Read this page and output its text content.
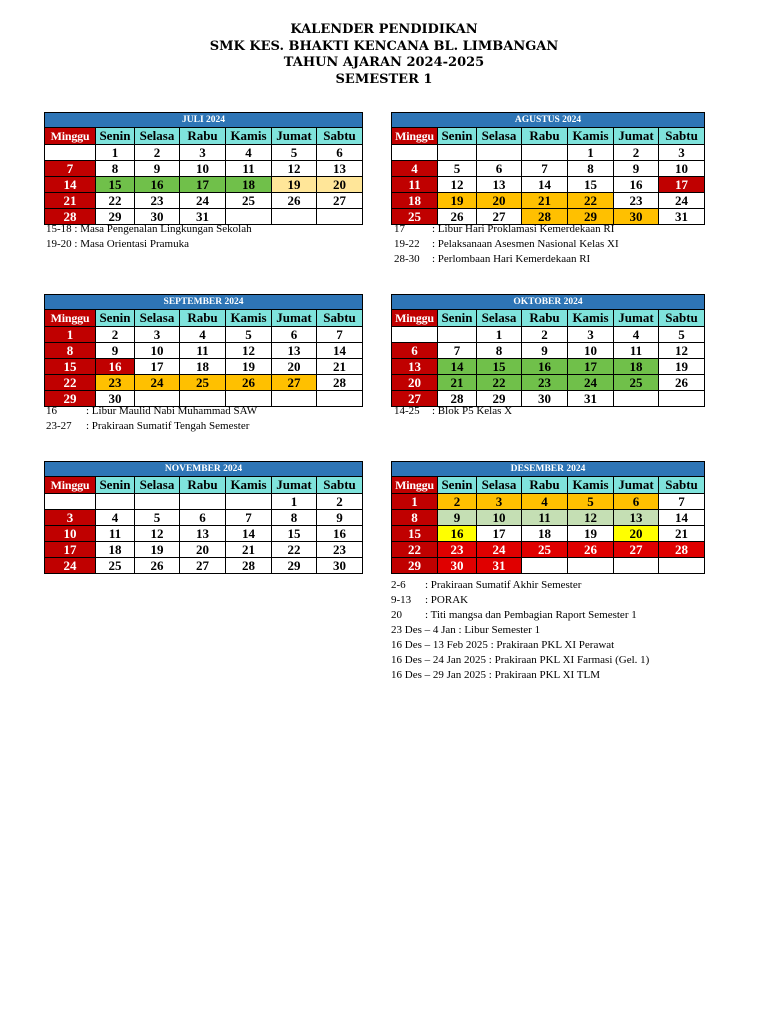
KALENDER PENDIDIKAN
SMK KES. BHAKTI KENCANA BL. LIMBANGAN
TAHUN AJARAN 2024-2025
SEMESTER 1
JULI 2024						
Minggu	Senin	Selasa	Rabu	Kamis	Jumat	Sabtu
	1	2	3	4	5	6
7	8	9	10	11	12	13
14	15	16	17	18	19	20
21	22	23	24	25	26	27
28	29	30	31			
15-18 : Masa Pengenalan Lingkungan Sekolah
19-20 : Masa Orientasi Pramuka
AGUSTUS 2024						
Minggu	Senin	Selasa	Rabu	Kamis	Jumat	Sabtu
				1	2	3
4	5	6	7	8	9	10
11	12	13	14	15	16	17
18	19	20	21	22	23	24
25	26	27	28	29	30	31
17 : Libur Hari Proklamasi Kemerdekaan RI
19-22 : Pelaksanaan Asesmen Nasional Kelas XI
28-30 : Perlombaan Hari Kemerdekaan RI
SEPTEMBER 2024						
Minggu	Senin	Selasa	Rabu	Kamis	Jumat	Sabtu
1	2	3	4	5	6	7
8	9	10	11	12	13	14
15	16	17	18	19	20	21
22	23	24	25	26	27	28
29	30					
16	: Libur Maulid Nabi Muhammad SAW
23-27 : Prakiraan Sumatif Tengah Semester
OKTOBER 2024						
Minggu	Senin	Selasa	Rabu	Kamis	Jumat	Sabtu
		1	2	3	4	5
6	7	8	9	10	11	12
13	14	15	16	17	18	19
20	21	22	23	24	25	26
27	28	29	30	31		
14-25 : Blok P5 Kelas X
NOVEMBER 2024						
Minggu	Senin	Selasa	Rabu	Kamis	Jumat	Sabtu
					1	2
3	4	5	6	7	8	9
10	11	12	13	14	15	16
17	18	19	20	21	22	23
24	25	26	27	28	29	30
DESEMBER 2024						
Minggu	Senin	Selasa	Rabu	Kamis	Jumat	Sabtu
1	2	3	4	5	6	7
8	9	10	11	12	13	14
15	16	17	18	19	20	21
22	23	24	25	26	27	28
29	30	31				
2-6 : Prakiraan Sumatif Akhir Semester
9-13 : PORAK
20 : Titi mangsa dan Pembagian Raport Semester 1
23 Des – 4 Jan : Libur Semester 1
16 Des – 13 Feb 2025 : Prakiraan PKL XI Perawat
16 Des – 24 Jan 2025 : Prakiraan PKL XI Farmasi (Gel. 1)
16 Des – 29 Jan 2025 : Prakiraan PKL XI TLM
